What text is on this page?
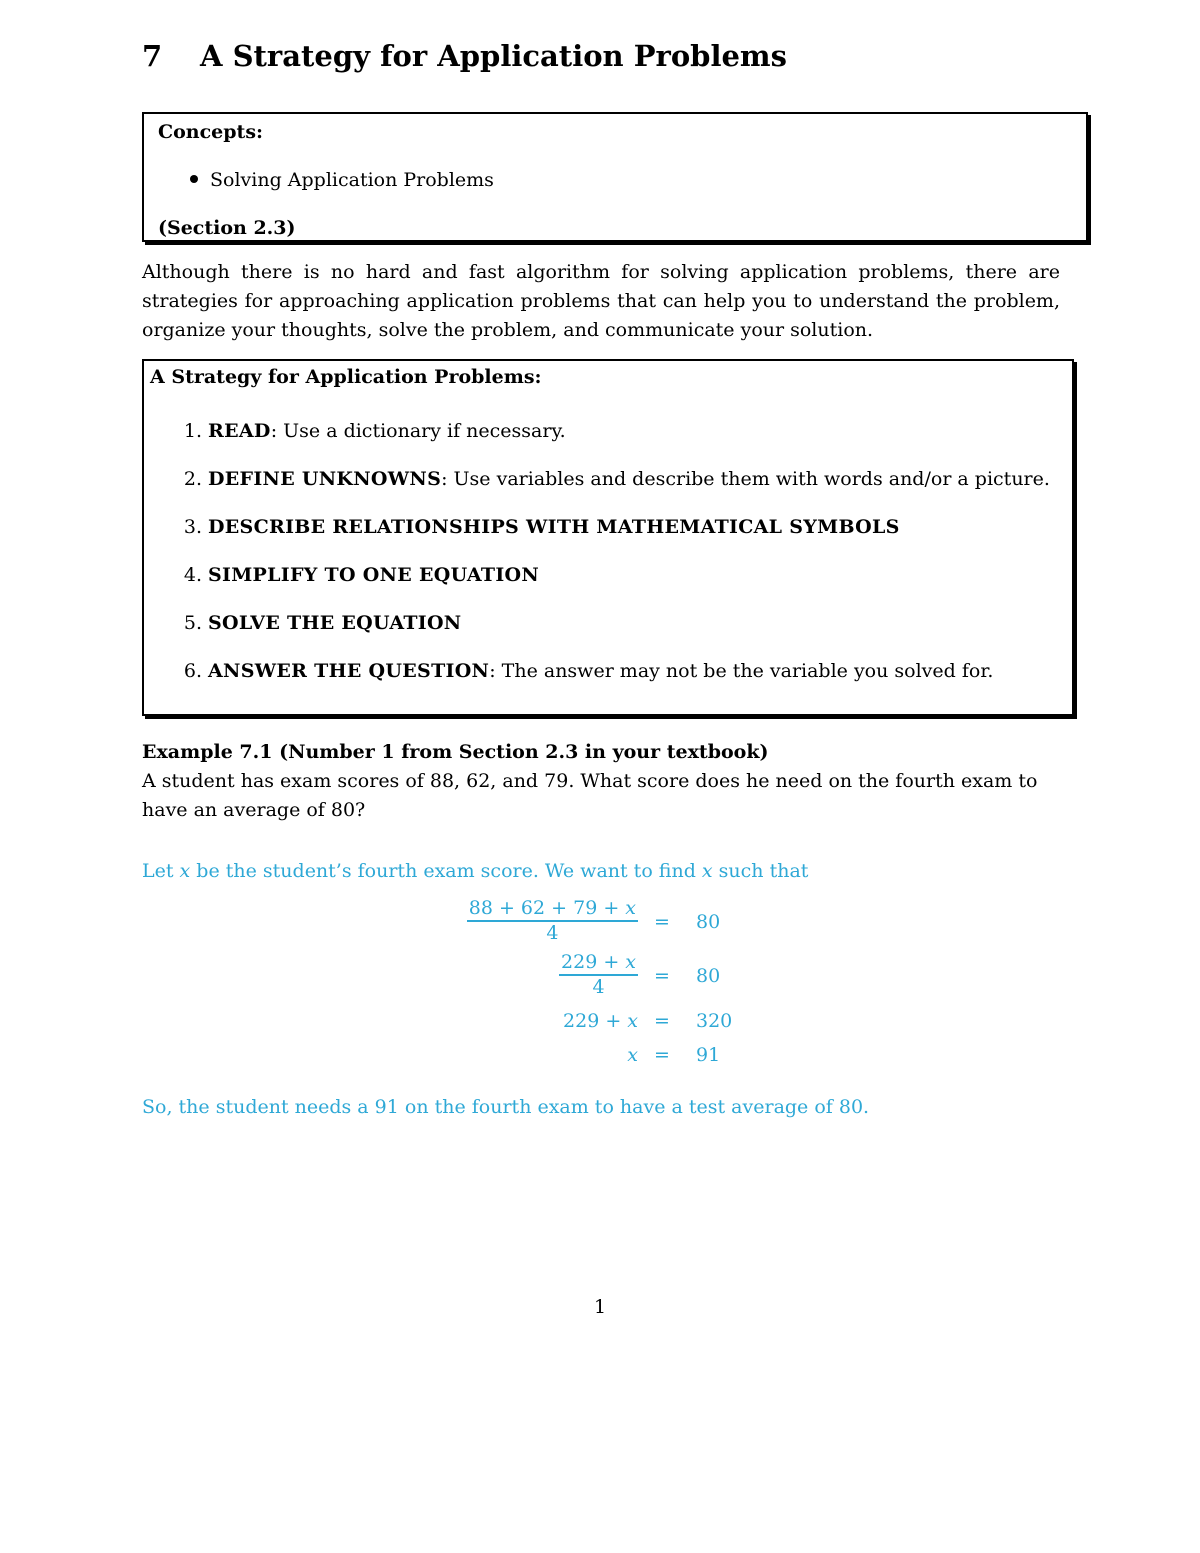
7 A Strategy for Application Problems
Concepts:
Solving Application Problems
(Section 2.3)

Although there is no hard and fast algorithm for solving application problems, there are strategies for approaching application problems that can help you to understand the problem, organize your thoughts, solve the problem, and communicate your solution.

A Strategy for Application Problems:
1. READ: Use a dictionary if necessary.
2. DEFINE UNKNOWNS: Use variables and describe them with words and/or a picture.
3. DESCRIBE RELATIONSHIPS WITH MATHEMATICAL SYMBOLS
4. SIMPLIFY TO ONE EQUATION
5. SOLVE THE EQUATION
6. ANSWER THE QUESTION: The answer may not be the variable you solved for.
Example 7.1 (Number 1 from Section 2.3 in your textbook)

A student has exam scores of 88, 62, and 79. What score does he need on the fourth exam to have an average of 80?

Let x be the student’s fourth exam score. We want to find x such that
$\frac{88 + 62 + 79 + x}{4} = 80$
$\frac{229 + x}{4} = 80$
229 + x = 320
x = 91
So, the student needs a 91 on the fourth exam to have a test average of 80.
1
